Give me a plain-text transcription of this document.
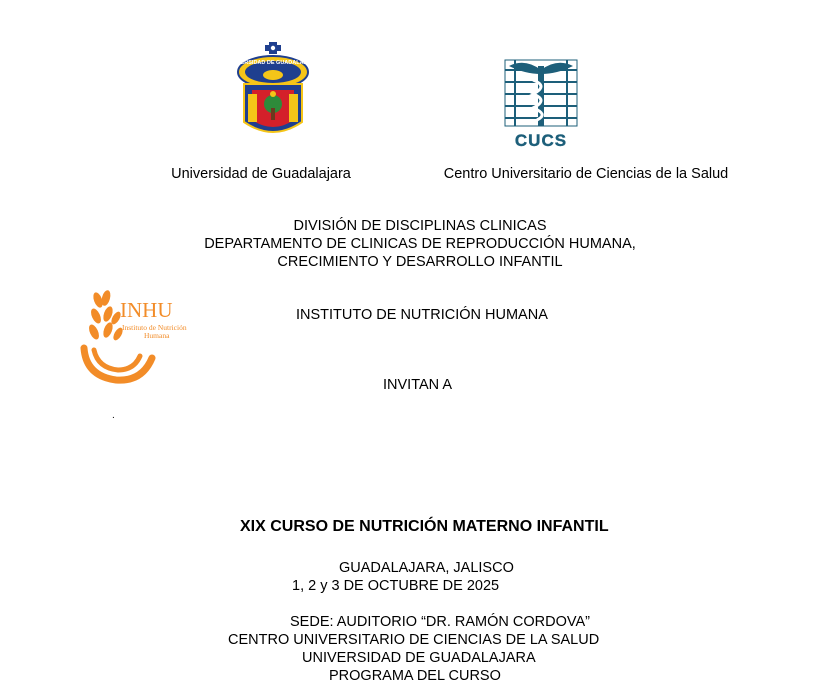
UNIVERSIDAD DE GUADALAJARA
CUCS
Universidad de Guadalajara	Centro Universitario de Ciencias de la Salud
DIVISIÓN DE DISCIPLINAS CLINICAS
DEPARTAMENTO DE CLINICAS DE REPRODUCCIÓN HUMANA,
CRECIMIENTO Y DESARROLLO INFANTIL
INHU
Instituto de Nutrición
Humana
INSTITUTO DE NUTRICIÓN HUMANA
INVITAN A
.
XIX CURSO DE NUTRICIÓN MATERNO INFANTIL
GUADALAJARA, JALISCO
1, 2 y 3 DE OCTUBRE DE 2025
SEDE: AUDITORIO “DR. RAMÓN CORDOVA”
CENTRO UNIVERSITARIO DE CIENCIAS DE LA SALUD
UNIVERSIDAD DE GUADALAJARA
PROGRAMA DEL CURSO
